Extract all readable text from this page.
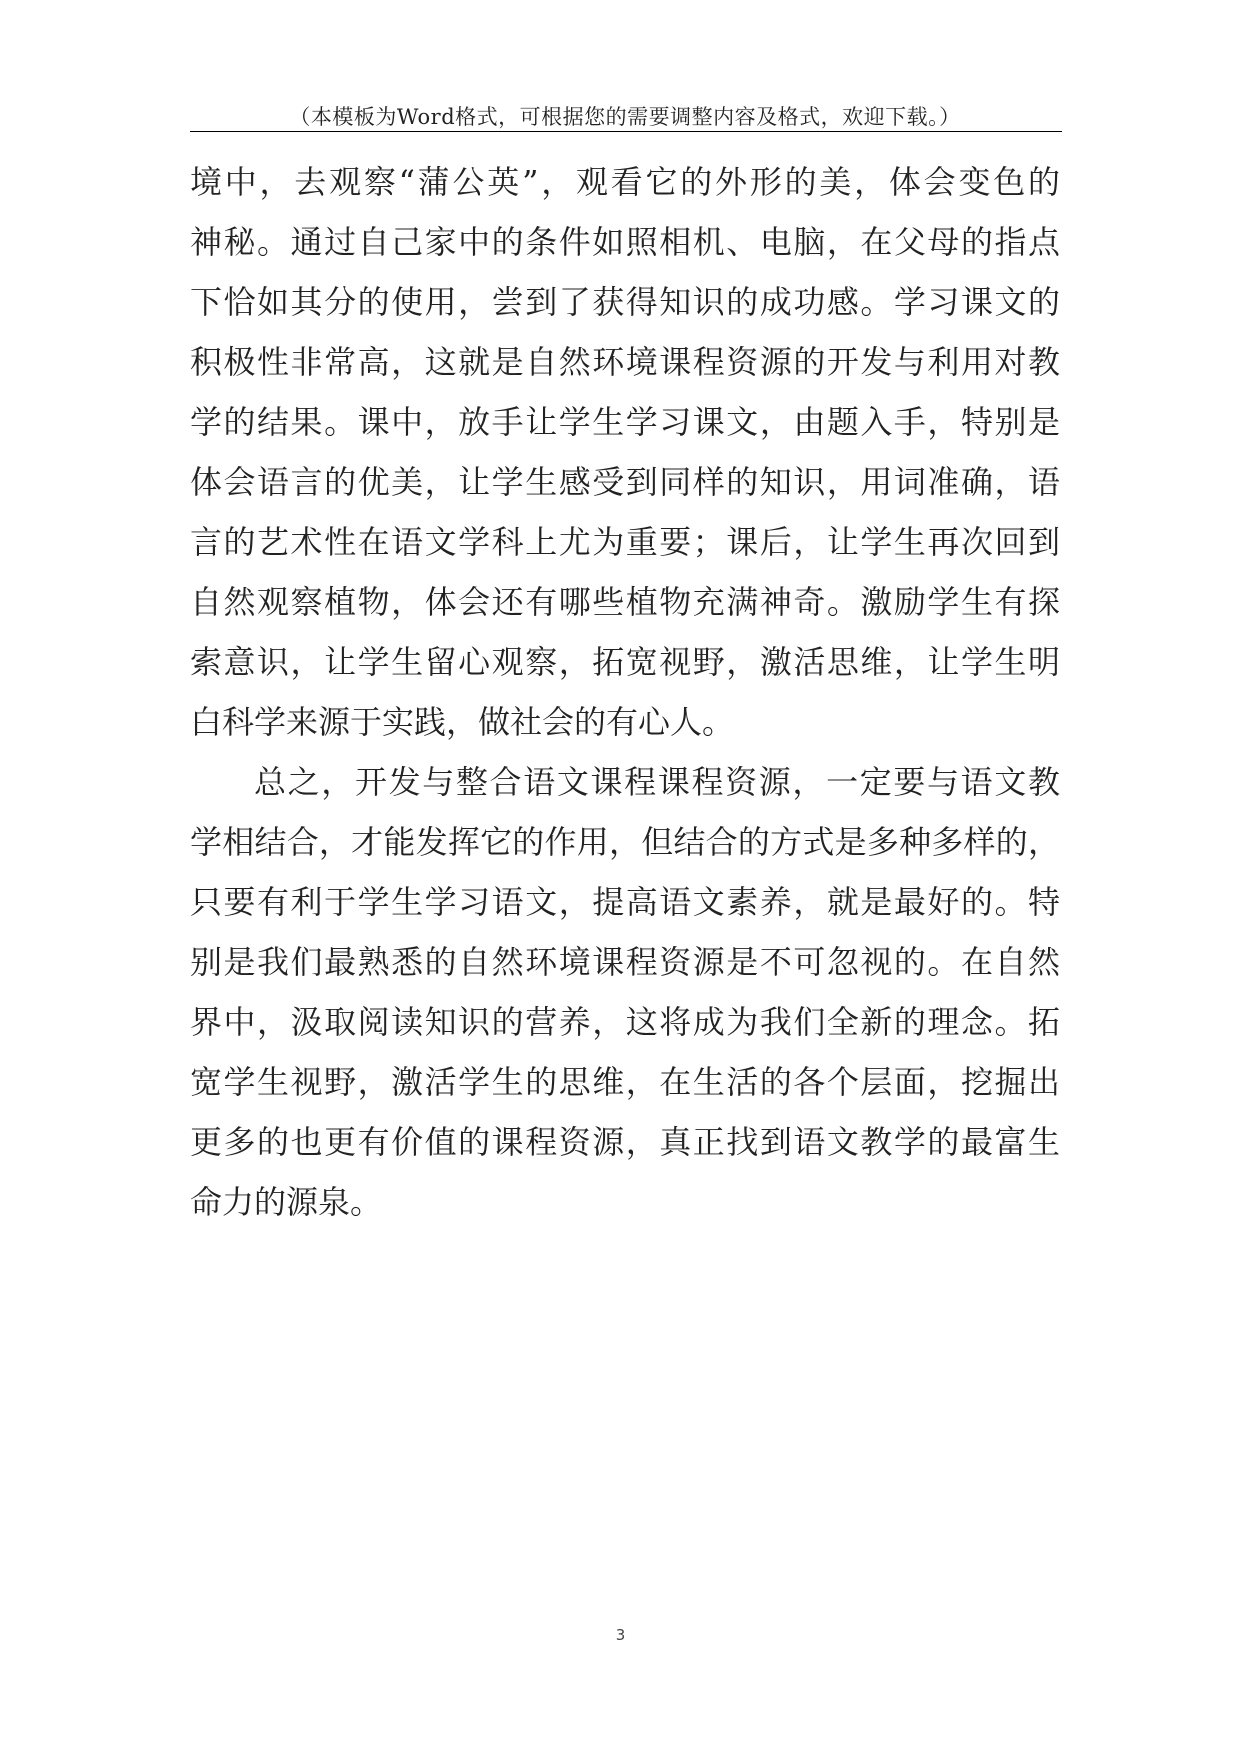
（本模板为Word格式，可根据您的需要调整内容及格式，欢迎下载。）
境中，去观察“蒲公英”，观看它的外形的美，体会变色的
神秘。通过自己家中的条件如照相机、电脑，在父母的指点
下恰如其分的使用，尝到了获得知识的成功感。学习课文的
积极性非常高，这就是自然环境课程资源的开发与利用对教
学的结果。课中，放手让学生学习课文，由题入手，特别是
体会语言的优美，让学生感受到同样的知识，用词准确，语
言的艺术性在语文学科上尤为重要；课后，让学生再次回到
自然观察植物，体会还有哪些植物充满神奇。激励学生有探
索意识，让学生留心观察，拓宽视野，激活思维，让学生明
白科学来源于实践，做社会的有心人。
总之，开发与整合语文课程课程资源，一定要与语文教
学相结合，才能发挥它的作用，但结合的方式是多种多样的，
只要有利于学生学习语文，提高语文素养，就是最好的。特
别是我们最熟悉的自然环境课程资源是不可忽视的。在自然
界中，汲取阅读知识的营养，这将成为我们全新的理念。拓
宽学生视野，激活学生的思维，在生活的各个层面，挖掘出
更多的也更有价值的课程资源，真正找到语文教学的最富生
命力的源泉。
3
